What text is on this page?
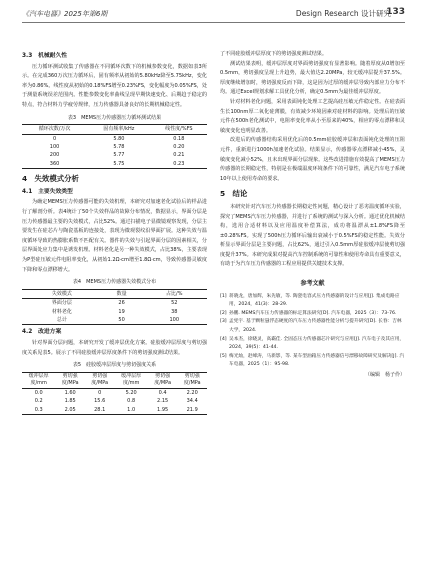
《汽车电器》2025年第6期	Design Research 设计研究
133

3.3　机械耐久性

压力循环测试收集了传感器在不同循环次数下的机械参数变化，数据如表3所示。在完成360万次压力循环后，固有频率从初始的5.80kHz降至5.75kHz，变化率为0.86%。线性度从初始的0.18%FS增至0.23%FS，变化幅度为0.05%FS，处于测量系统误差范围内。性能参数变化率曲线呈现早期快速变化、后期趋于稳定的特点，符合材料力学疲劳规律，压力传感器具备良好的长期机械稳定性。

表3　MEMS压力传感器压力循环测试结果

循环次数/万次	固有频率/kHz	线性度/%FS
0	5.80	0.18
100	5.78	0.20
200	5.77	0.21
360	5.75	0.23

4　失效模式分析

4.1　主要失效类型

为确定MEMS压力传感器可能的失效机理，本研究对加速老化试验后的样品进行了解剖分析。表4统计了50个失效样品的故障分布情况，数据显示，界面分层是压力传感器最主要的失效模式，占比52%。通过扫描电子显微镜观察发现，分层主要发生在硅芯片与陶瓷基板的连接处，表现为微观裂纹沿界面扩展。这种失效与温度循环导致的热膨胀系数不匹配有关。器件的失效与引起界面分层的因素相关，分层界面处应力集中是诱发机理。材料老化是另一种失效模式，占比38%，主要表现为P型硅压敏元件电阻率变化，从初始1.2Ω·cm增至1.8Ω·cm，导致传感器灵敏度下降和零点漂移增大。

表4　MEMS压力传感器失效模式分布

失效模式	数量	占比/%
界面分层	26	52
材料老化	19	38
总计	50	100

4.2　改进方案

针对界面分层问题，本研究开发了缓冲层优化方案。硅胶缓冲层厚度与剪切强度关系见表5。展示了不同硅胶缓冲层厚度条件下的剪切强度测试结果。

表5　硅胶缓冲层厚度与剪切强度关系

缓冲层厚度/mm	剪切强度/MPa	剪切强度/MPa	缓冲层厚度/mm	剪切强度/MPa	剪切强度/MPa
0.0	1.60	0	5.20	0.4	2.20
0.2	1.85	15.6	0.8	2.15	34.4
0.3	2.05	28.1	1.0	1.95	21.9

了不同硅胶缓冲层厚度下的剪切强度测试结果。

测试结果表明，缓冲层厚度对界面剪切强度有显著影响。随着厚度从0增加至0.5mm，剪切强度呈现上升趋势，最大值达2.20MPa，较无缓冲层提升37.5%。厚度继续增加时，剪切强度反而下降，这是因为过厚的缓冲层导致内部应力分布不均。通过Excel规划求解工具优化分析，确定0.5mm为最佳缓冲层厚度。

针对材料老化问题，采用表面钝化处理工艺提高硅压敏元件稳定性。在硅表面生长100nm厚二氧化硅薄膜，有效减少环境因素对硅材料的影响。处理后的压敏元件在500h老化测试中，电阻率变化率从小至原来的40%，相应的零点漂移和灵敏度变化也明显改善。

改进后的传感器结构采用优化后的0.5mm硅胶缓冲层和表面钝化处理的压阻元件，重新进行1000h加速老化试验。结果显示，传感器零点漂移减小45%，灵敏度变化减小52%，且未出现界面分层现象。这些改进措施有效提高了MEMS压力传感器的长期稳定性，特别是在极端温度环境条件下的可靠性，满足汽车电子系统10年以上使用寿命的要求。

5　结论

本研究针对汽车压力传感器长期稳定性问题，精心设计了恶劣温度循环实验，探究了MEMS汽车压力传感器，并进行了系统的测试与深入分析。通过优化机械结构，选用合适材料以及应用温度补偿算法，成功将温漂从±1.8%FS降至±0.28%FS。实现了500h压力循环后输出衰减小于0.5%FS的稳定性能。失效分析显示界面分层是主要问题，占比62%，通过引入0.5mm厚硅胶缓冲层使剪切强度提升37%。本研究成果对提高汽车控制系统的可靠性和使用寿命具有重要意义，有助于为汽车压力传感器的工程应用提供关键技术支撑。

参考文献

[1] 蒋晓龙，唐加辉，朱先敏，等. 陶瓷电容式压力传感器的设计与应用[J]. 集成电路应用，2024，41(3)：28-29.

[2] 孙鹏. MEMS汽车压力传感器的标定算法研究[D]. 汽车电器，2025（3）：73-76.

[3] 孟宪宇. 基于颗粒悬浮态硬度的汽车压力传感器性能分析与提升研究[D]. 长春：吉林大学，2024.

[4] 吴本杰，徐晓灵，高霸佳. 全固态压力传感器芯片研究与应用[J]. 汽车电子及其应用，2024，39(5)：41-44.

[5] 梅光灿，赵峰涛，马新影，等. 某车型油箱压力传感器信号漂移故障研究及解决[J]. 汽车电器，2025（1）：95-98.

（编辑　杨子伶）
